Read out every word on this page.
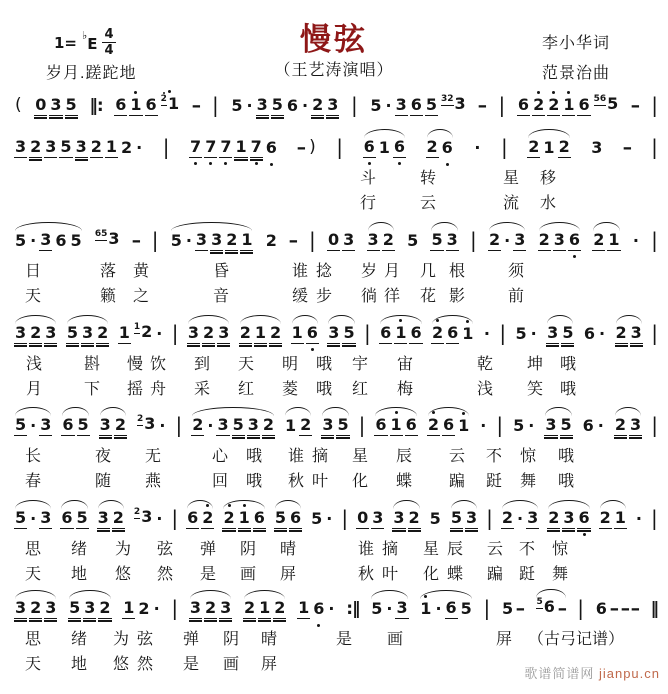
$1= ^♭E \frac{4}{4}$
岁月.蹉跎地
慢弦
（王艺涛演唱）
李小华词
范景治曲
( 0 3 5 ‖: 6 1 6 21 - | 5 · 3 5 6 · 2 3 | 5 · 3 6 5 323 - | 6 2 2 1 6 565 - |
3 2 3 5 3 2 1 2 · | 7 7 7 1 7 6 - ) | 6 1 6 2 6 · | 2 1 2 3 - |
斗	转	星 移
行	云	流 水
5 · 3 6 5 653 - | 5 · 3 3 2 1 2 - | 0 3 3 2 5 5 3 | 2 · 3 2 3 6 2 1 · |
日	落 黄	昏	谁 捻 岁 月 几 根	须
天	籁 之	音	缓 步 徜 徉 花 影	前
3 2 3 5 3 2 1 12 · | 3 2 3 2 1 2 1 6 3 5 | 6 1 6 2 6 1 · | 5 · 3 5 6 · 2 3 |
浅	斟 慢 饮 到 天 明 哦 宇 宙	乾 坤 哦
月	下 摇 舟 采 红 菱 哦 红 梅	浅 笑 哦
5 · 3 6 5 3 2 23 · | 2 · 3 5 3 2 1 2 3 5 | 6 1 6 2 6 1 · | 5 · 3 5 6 · 2 3 |
长	夜 无	心 哦 谁 摘 星 辰 云 不 惊 哦
春	随 燕	回 哦 秋 叶 化 蝶 蹁 跹 舞 哦
5 · 3 6 5 3 2 23 · | 6 2 2 1 6 5 6 5 · | 0 3 3 2 5 5 3 | 2 · 3 2 3 6 2 1 · |
思 绪 为 弦 弹 阴 晴	谁 摘 星 辰 云 不 惊
天 地 悠 然 是 画 屏	秋 叶 化 蝶 蹁 跹 舞
3 2 3 5 3 2 1 2 · | 3 2 3 2 1 2 1 6 · :‖ 5 · 3 1 · 6 5 | 5 - 56 - | 6 - - - ‖
思 绪 为 弦 弹 阴 晴	是 画	屏 （古弓记谱）
天 地 悠 然 是 画 屏
歌谱简谱网 jianpu.cn
